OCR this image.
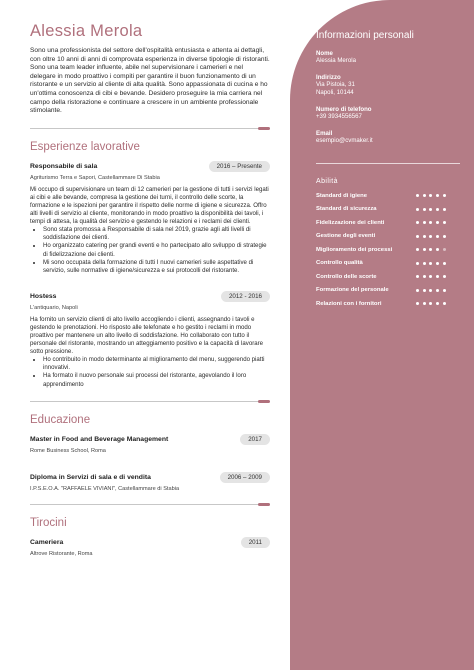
Alessia Merola
Sono una professionista del settore dell'ospitalità entusiasta e attenta ai dettagli, con oltre 10 anni di anni di comprovata esperienza in diverse tipologie di ristoranti. Sono una team leader influente, abile nel supervisionare i camerieri e nel delegare in modo proattivo i compiti per garantire il buon funzionamento di un ristorante e un servizio al cliente di alta qualità. Sono appassionata di cucina e ho un'ottima conoscenza di cibi e bevande. Desidero proseguire la mia carriera nel campo della ristorazione e continuare a crescere in un ambiente professionale stimolante.
Esperienze lavorative
Responsabile di sala	2016 – Presente
Agriturismo Terra e Sapori, Castellammare Di Stabia
Mi occupo di supervisionare un team di 12 camerieri per la gestione di tutti i servizi legati ai cibi e alle bevande, compresa la gestione dei turni, il controllo delle scorte, la formazione e le ispezioni per garantire il rispetto delle norme di igiene e sicurezza. Offro alti livelli di servizio al cliente, monitorando in modo proattivo la disponibilità dei tavoli, i tempi di attesa, la qualità del servizio e gestendo le relazioni e i reclami dei clienti.
• Sono stata promossa a Responsabile di sala nel 2019, grazie agli alti livelli di soddisfazione dei clienti.
• Ho organizzato catering per grandi eventi e ho partecipato allo sviluppo di strategie di fidelizzazione dei clienti.
• Mi sono occupata della formazione di tutti I nuovi camerieri sulle aspettative di servizio, sulle normative di igiene/sicurezza e sui protocolli del ristorante.
Hostess	2012 - 2016
L'antiquario, Napoli
Ha fornito un servizio clienti di alto livello accogliendo i clienti, assegnando i tavoli e gestendo le prenotazioni. Ho risposto alle telefonate e ho gestito i reclami in modo proattivo per mantenere un alto livello di soddisfazione. Ho collaborato con tutto il personale del ristorante, mostrando un atteggiamento positivo e la capacità di lavorare sotto pressione.
• Ho contribuito in modo determinante al miglioramento del menu, suggerendo piatti innovativi.
• Ha formato il nuovo personale sui processi del ristorante, agevolando il loro apprendimento
Educazione
Master in Food and Beverage Management	2017
Rome Business School, Roma
Diploma in Servizi di sala e di vendita	2006 – 2009
I.P.S.E.O.A. "RAFFAELE VIVIANI", Castellammare di Stabia
Tirocini
Cameriera	2011
Altrove Ristorante, Roma
Informazioni personali
Nome
Alessia Merola
Indirizzo
Via Pistoia, 31
Napoli, 10144
Numero di telefono
+39 3934556567
Email
esempio@cvmaker.it
Abilità
Standard di igiene
Standard di sicurezza
Fidelizzazione dei clienti
Gestione degli eventi
Miglioramento dei processi
Controllo qualità
Controllo delle scorte
Formazione del personale
Relazioni con i fornitori
